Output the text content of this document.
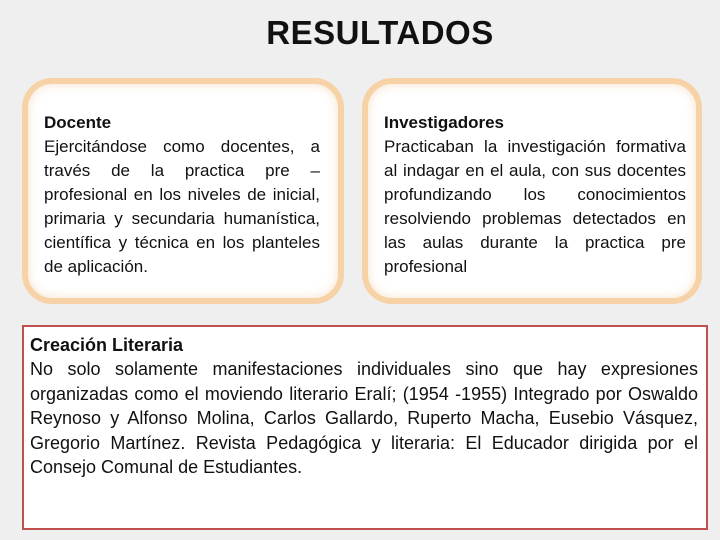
RESULTADOS
Docente
Ejercitándose como docentes, a través de la practica pre – profesional en los niveles de inicial, primaria y secundaria humanística, científica y técnica en los planteles de aplicación.
Investigadores
Practicaban la investigación formativa al indagar en el aula, con sus docentes profundizando los conocimientos resolviendo problemas detectados en las aulas durante la practica pre profesional
Creación Literaria
No solo solamente manifestaciones individuales sino que hay expresiones organizadas como el moviendo literario Eralí; (1954 -1955) Integrado por Oswaldo Reynoso y Alfonso Molina, Carlos Gallardo, Ruperto Macha, Eusebio Vásquez, Gregorio Martínez. Revista Pedagógica y literaria: El Educador dirigida por el Consejo Comunal de Estudiantes.
